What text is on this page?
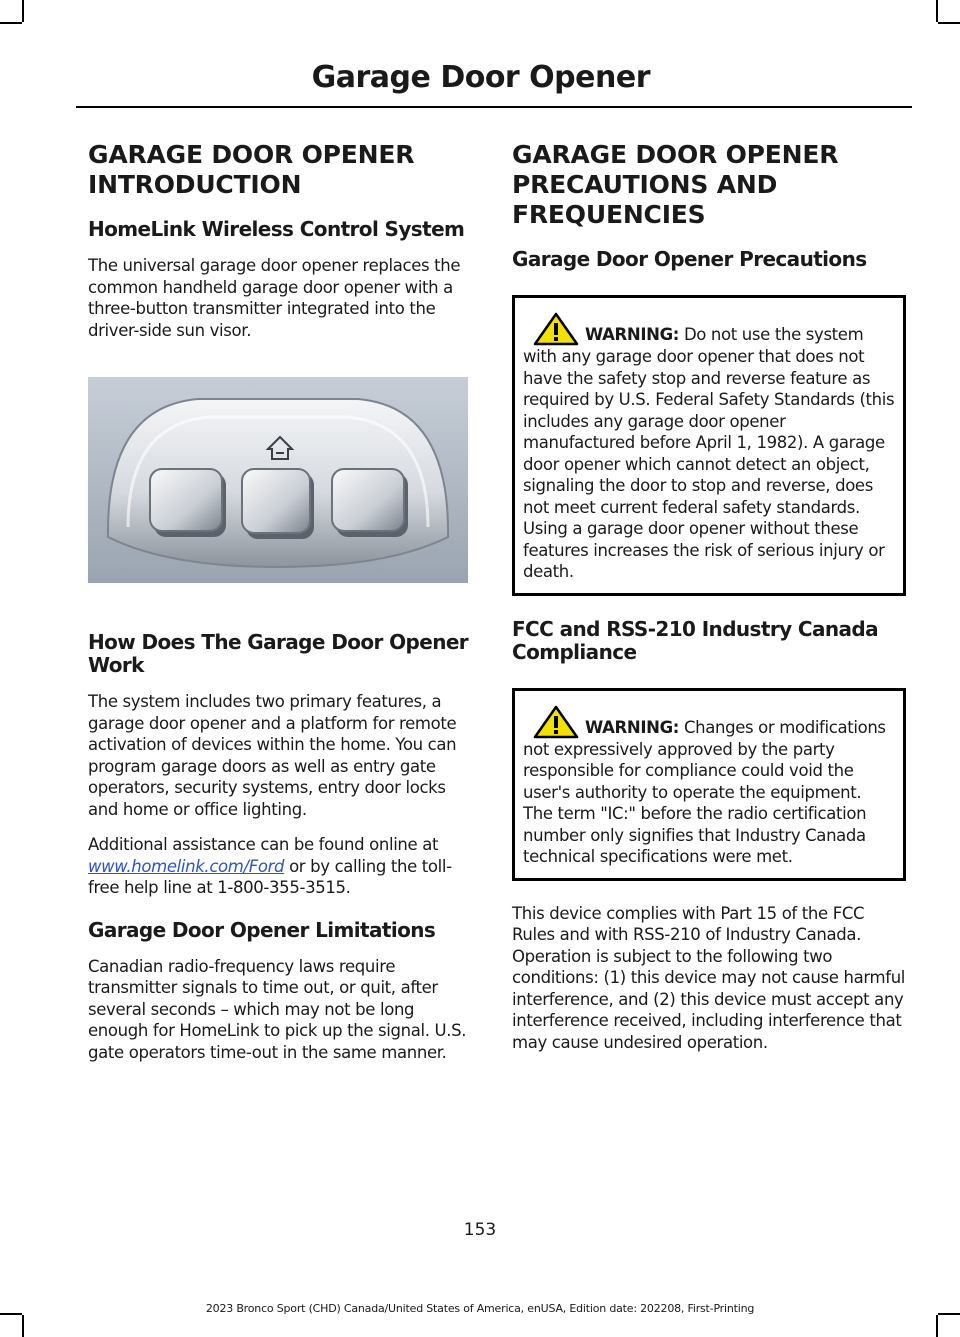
Garage Door Opener
GARAGE DOOR OPENER
INTRODUCTION
HomeLink Wireless Control System

The universal garage door opener replaces the common handheld garage door opener with a three-button transmitter integrated into the driver-side sun visor.

How Does The Garage Door Opener Work

The system includes two primary features, a garage door opener and a platform for remote activation of devices within the home. You can program garage doors as well as entry gate operators, security systems, entry door locks and home or office lighting.

Additional assistance can be found online at www.homelink.com/Ford or by calling the toll-free help line at 1-800-355-3515.

Garage Door Opener Limitations

Canadian radio-frequency laws require transmitter signals to time out, or quit, after several seconds – which may not be long enough for HomeLink to pick up the signal. U.S. gate operators time-out in the same manner.

GARAGE DOOR OPENER
PRECAUTIONS AND
FREQUENCIES
Garage Door Opener Precautions

WARNING: Do not use the system with any garage door opener that does not have the safety stop and reverse feature as required by U.S. Federal Safety Standards (this includes any garage door opener manufactured before April 1, 1982). A garage door opener which cannot detect an object, signaling the door to stop and reverse, does not meet current federal safety standards. Using a garage door opener without these features increases the risk of serious injury or death.

FCC and RSS-210 Industry Canada Compliance

WARNING: Changes or modifications not expressively approved by the party responsible for compliance could void the user's authority to operate the equipment. The term "IC:" before the radio certification number only signifies that Industry Canada technical specifications were met.

This device complies with Part 15 of the FCC Rules and with RSS-210 of Industry Canada. Operation is subject to the following two conditions: (1) this device may not cause harmful interference, and (2) this device must accept any interference received, including interference that may cause undesired operation.

153
2023 Bronco Sport (CHD) Canada/United States of America, enUSA, Edition date: 202208, First-Printing
